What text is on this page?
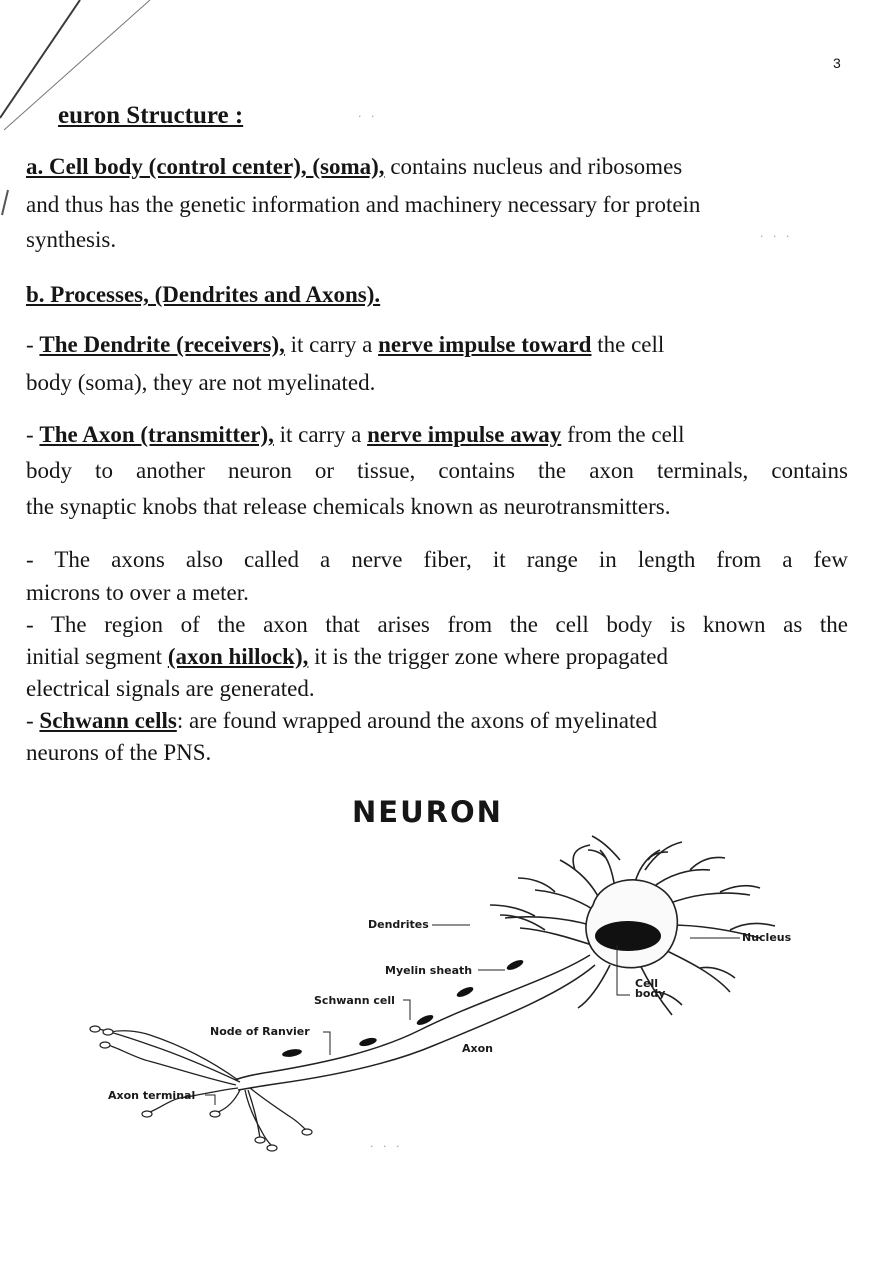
3
euron Structure :

a. Cell body (control center), (soma), contains nucleus and ribosomes

and thus has the genetic information and machinery necessary for protein

synthesis.

b. Processes, (Dendrites and Axons).

- The Dendrite (receivers), it carry a nerve impulse toward the cell

body (soma), they are not myelinated.

- The Axon (transmitter), it carry a nerve impulse away from the cell

body to another neuron or tissue, contains the axon terminals, contains

the synaptic knobs that release chemicals known as neurotransmitters.

- The axons also called a nerve fiber, it range in length from a few

microns to over a meter.

- The region of the axon that arises from the cell body is known as the

initial segment (axon hillock), it is the trigger zone where propagated

electrical signals are generated.

- Schwann cells: are found wrapped around the axons of myelinated

neurons of the PNS.

NEURON
Dendrites
Nucleus
Myelin sheath
Cell
body
Schwann cell
Node of Ranvier
Axon
Axon terminal
· ·
· · ·
· · ·
